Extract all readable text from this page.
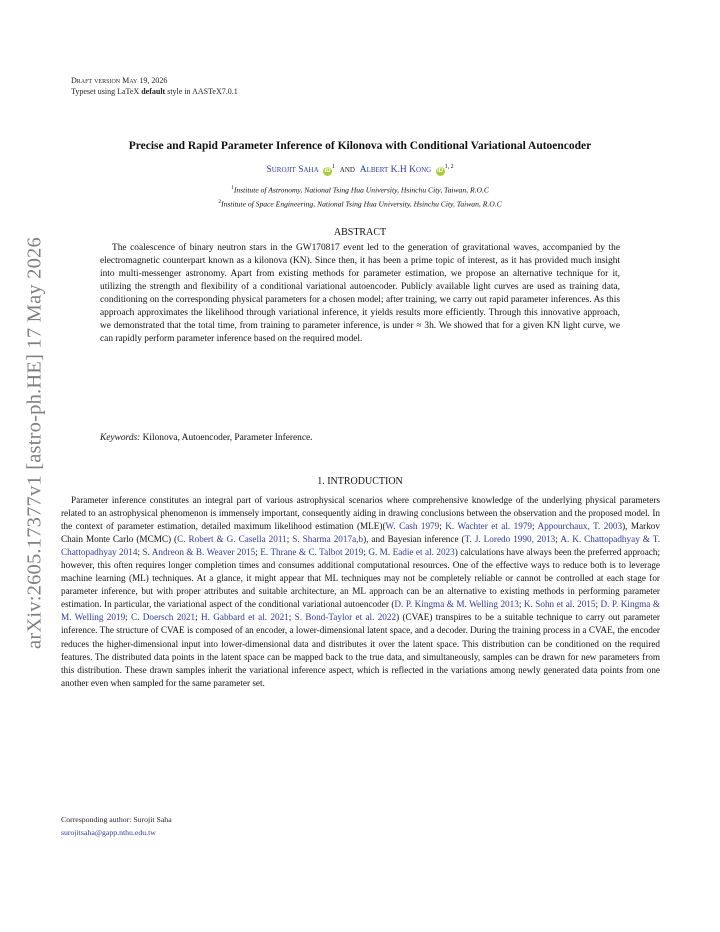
arXiv:2605.17377v1 [astro-ph.HE] 17 May 2026
Draft version May 19, 2026
Typeset using LaTeX default style in AASTeX7.0.1
Precise and Rapid Parameter Inference of Kilonova with Conditional Variational Autoencoder
Surojit Saha $iD^1$ and Albert K.H Kong iD$^{1, 2}$
$^1$Institute of Astronomy, National Tsing Hua University, Hsinchu City, Taiwan, R.O.C
$^2$Institute of Space Engineering, National Tsing Hua University, Hsinchu City, Taiwan, R.O.C
ABSTRACT

The coalescence of binary neutron stars in the GW170817 event led to the generation of gravitational waves, accompanied by the electromagnetic counterpart known as a kilonova (KN). Since then, it has been a prime topic of interest, as it has provided much insight into multi-messenger astronomy. Apart from existing methods for parameter estimation, we propose an alternative technique for it, utilizing the strength and flexibility of a conditional variational autoencoder. Publicly available light curves are used as training data, conditioning on the corresponding physical parameters for a chosen model; after training, we carry out rapid parameter inferences. As this approach approximates the likelihood through variational inference, it yields results more efficiently. Through this innovative approach, we demonstrated that the total time, from training to parameter inference, is under ≈ 3h. We showed that for a given KN light curve, we can rapidly perform parameter inference based on the required model.

Keywords: Kilonova, Autoencoder, Parameter Inference.
1. INTRODUCTION

Parameter inference constitutes an integral part of various astrophysical scenarios where comprehensive knowledge of the underlying physical parameters related to an astrophysical phenomenon is immensely important, consequently aiding in drawing conclusions between the observation and the proposed model. In the context of parameter estimation, detailed maximum likelihood estimation (MLE)(W. Cash 1979; K. Wachter et al. 1979; Appourchaux, T. 2003), Markov Chain Monte Carlo (MCMC) (C. Robert & G. Casella 2011; S. Sharma 2017a,b), and Bayesian inference (T. J. Loredo 1990, 2013; A. K. Chattopadhyay & T. Chattopadhyay 2014; S. Andreon & B. Weaver 2015; E. Thrane & C. Talbot 2019; G. M. Eadie et al. 2023) calculations have always been the preferred approach; however, this often requires longer completion times and consumes additional computational resources. One of the effective ways to reduce both is to leverage machine learning (ML) techniques. At a glance, it might appear that ML techniques may not be completely reliable or cannot be controlled at each stage for parameter inference, but with proper attributes and suitable architecture, an ML approach can be an alternative to existing methods in performing parameter estimation. In particular, the variational aspect of the conditional variational autoencoder (D. P. Kingma & M. Welling 2013; K. Sohn et al. 2015; D. P. Kingma & M. Welling 2019; C. Doersch 2021; H. Gabbard et al. 2021; S. Bond-Taylor et al. 2022) (CVAE) transpires to be a suitable technique to carry out parameter inference. The structure of CVAE is composed of an encoder, a lower-dimensional latent space, and a decoder. During the training process in a CVAE, the encoder reduces the higher-dimensional input into lower-dimensional data and distributes it over the latent space. This distribution can be conditioned on the required features. The distributed data points in the latent space can be mapped back to the true data, and simultaneously, samples can be drawn for new parameters from this distribution. These drawn samples inherit the variational inference aspect, which is reflected in the variations among newly generated data points from one another even when sampled for the same parameter set.

Corresponding author: Surojit Saha
surojitsaha@gapp.nthu.edu.tw
